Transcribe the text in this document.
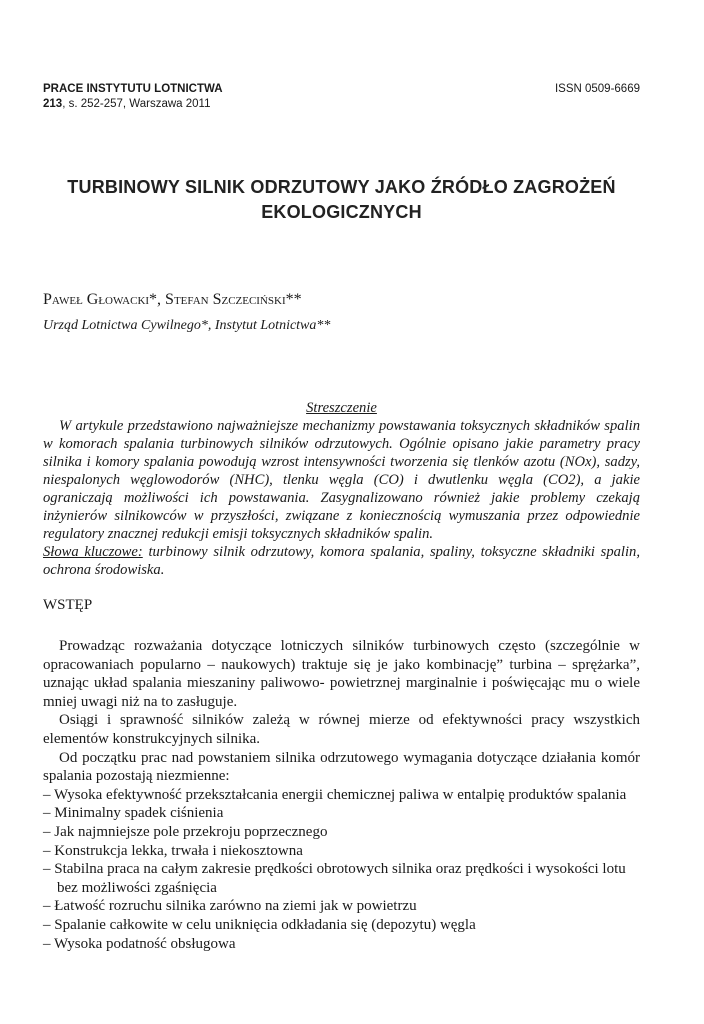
PRACE INSTYTUTU LOTNICTWA
213, s. 252-257, Warszawa 2011
ISSN 0509-6669
TURBINOWY SILNIK ODRZUTOWY JAKO ŹRÓDŁO ZAGROŻEŃ
EKOLOGICZNYCH
Paweł Głowacki*, Stefan Szczeciński**
Urząd Lotnictwa Cywilnego*, Instytut Lotnictwa**
Streszczenie
W artykule przedstawiono najważniejsze mechanizmy powstawania toksycznych składników spalin w komorach spalania turbinowych silników odrzutowych. Ogólnie opisano jakie parametry pracy silnika i komory spalania powodują wzrost intensywności tworzenia się tlenków azotu (NOx), sadzy, niespalonych węglowodorów (NHC), tlenku węgla (CO) i dwutlenku węgla (CO2), a jakie ograniczają możliwości ich powstawania. Zasygnalizowano również jakie problemy czekają inżynierów silnikowców w przyszłości, związane z koniecznością wymuszania przez odpowiednie regulatory znacznej redukcji emisji toksycznych składników spalin.
Słowa kluczowe: turbinowy silnik odrzutowy, komora spalania, spaliny, toksyczne składniki spalin, ochrona środowiska.
WSTĘP

Prowadząc rozważania dotyczące lotniczych silników turbinowych często (szczególnie w opracowaniach popularno – naukowych) traktuje się je jako kombinację” turbina – sprężarka”, uznając układ spalania mieszaniny paliwowo- powietrznej marginalnie i poświęcając mu o wiele mniej uwagi niż na to zasługuje.

Osiągi i sprawność silników zależą w równej mierze od efektywności pracy wszystkich elementów konstrukcyjnych silnika.

Od początku prac nad powstaniem silnika odrzutowego wymagania dotyczące działania komór spalania pozostają niezmienne:

– Wysoka efektywność przekształcania energii chemicznej paliwa w entalpię produktów spalania
– Minimalny spadek ciśnienia
– Jak najmniejsze pole przekroju poprzecznego
– Konstrukcja lekka, trwała i niekosztowna
– Stabilna praca na całym zakresie prędkości obrotowych silnika oraz prędkości i wysokości lotu bez możliwości zgaśnięcia
– Łatwość rozruchu silnika zarówno na ziemi jak w powietrzu
– Spalanie całkowite w celu uniknięcia odkładania się (depozytu) węgla
– Wysoka podatność obsługowa
